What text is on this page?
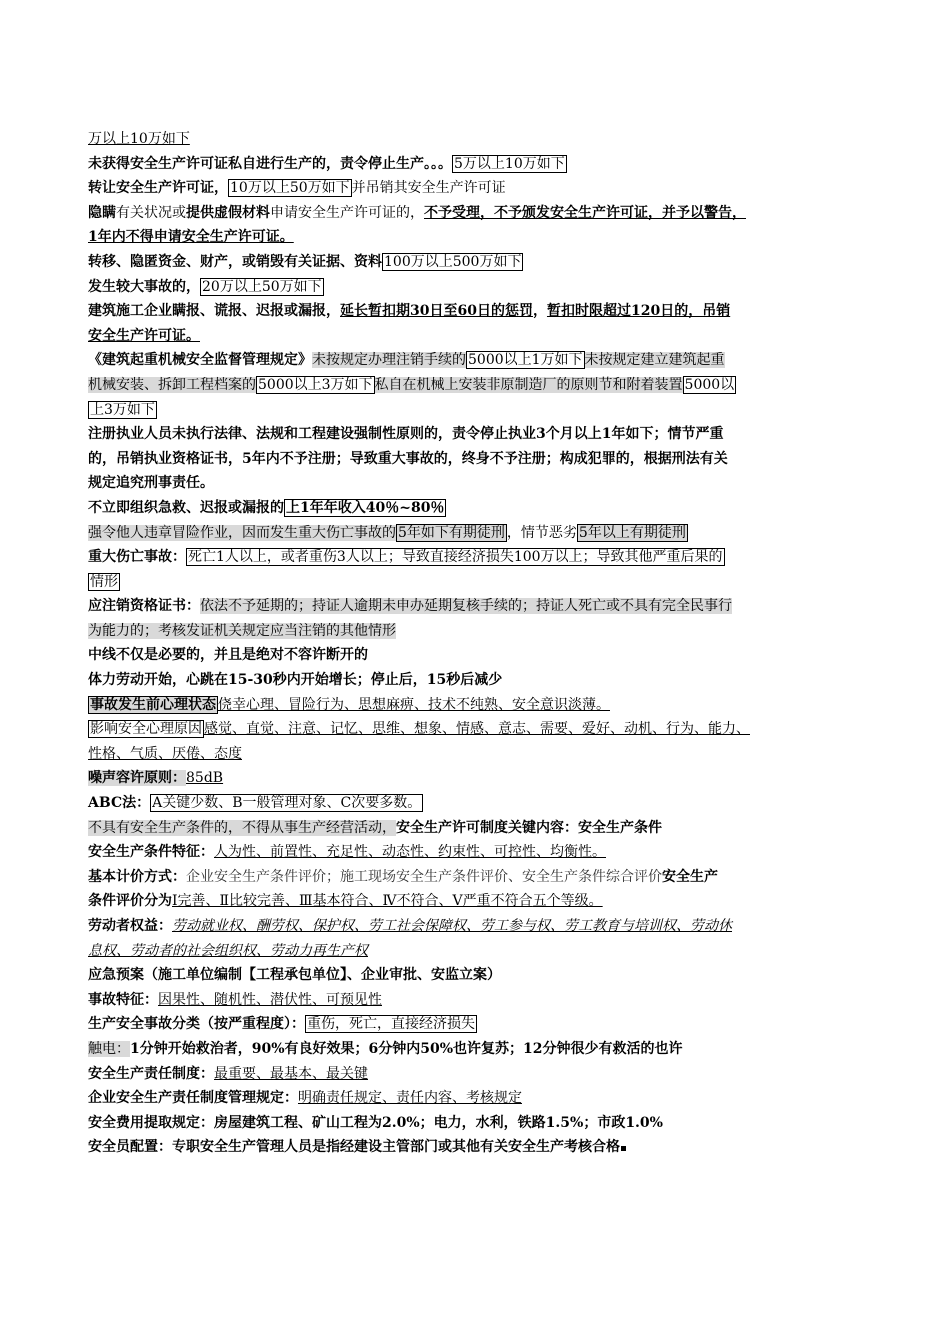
万以上10万如下
未获得安全生产许可证私自进行生产的，责令停止生产。。。 5万以上10万如下
转让安全生产许可证， 10万以上50万如下 并吊销其安全生产许可证
隐瞒有关状况或提供虚假材料申请安全生产许可证的，不予受理，不予颁发安全生产许可证，并予以警告，
1年内不得申请安全生产许可证。
转移、隐匿资金、财产，或销毁有关证据、资料 100万以上500万如下
发生较大事故的， 20万以上50万如下
建筑施工企业瞒报、谎报、迟报或漏报，延长暂扣期30日至60日的惩罚，暂扣时限超过120日的，吊销
安全生产许可证。
《建筑起重机械安全监督管理规定》未按规定办理注销手续的 5000以上1万如下 未按规定建立建筑起重
机械安装、拆卸工程档案的 5000以上3万如下 私自在机械上安装非原制造厂的原则节和附着装置 5000以
上3万如下
注册执业人员未执行法律、法规和工程建设强制性原则的，责令停止执业3个月以上1年如下；情节严重
的，吊销执业资格证书，5年内不予注册；导致重大事故的，终身不予注册；构成犯罪的，根据刑法有关
规定追究刑事责任。
不立即组织急救、迟报或漏报的 上1年年收入40％~80％
强令他人违章冒险作业，因而发生重大伤亡事故的 5年如下有期徒刑 ，情节恶劣 5年以上有期徒刑
重大伤亡事故： 死亡1人以上，或者重伤3人以上；导致直接经济损失100万以上；导致其他严重后果的
情形
应注销资格证书：依法不予延期的；持证人逾期未申办延期复核手续的；持证人死亡或不具有完全民事行
为能力的；考核发证机关规定应当注销的其他情形
中线不仅是必要的，并且是绝对不容许断开的
体力劳动开始，心跳在15-30秒内开始增长；停止后，15秒后减少
事故发生前心理状态 侥幸心理、冒险行为、思想麻痹、技术不纯熟、安全意识淡薄。
影响安全心理原因 感觉、直觉、注意、记忆、思维、想象、情感、意志、需要、爱好、动机、行为、能力、
性格、气质、厌倦、态度
噪声容许原则：85dB
ABC法： A关键少数、B一般管理对象、C次要多数。
不具有安全生产条件的，不得从事生产经营活动，安全生产许可制度关键内容：安全生产条件
安全生产条件特征：人为性、前置性、充足性、动态性、约束性、可控性、均衡性。
基本计价方式：企业安全生产条件评价；施工现场安全生产条件评价、安全生产条件综合评价安全生产
条件评价分为Ⅰ完善、Ⅱ比较完善、Ⅲ基本符合、Ⅳ不符合、Ⅴ严重不符合五个等级。
劳动者权益：劳动就业权、酬劳权、保护权、劳工社会保障权、劳工参与权、劳工教育与培训权、劳动休
息权、劳动者的社会组织权、劳动力再生产权
应急预案（施工单位编制【工程承包单位】、企业审批、安监立案）
事故特征：因果性、随机性、潜伏性、可预见性
生产安全事故分类（按严重程度）： 重伤，死亡，直接经济损失
触电：1分钟开始救治者，90%有良好效果；6分钟内50%也许复苏；12分钟很少有救活的也许
安全生产责任制度：最重要、最基本、最关键
企业安全生产责任制度管理规定：明确责任规定、责任内容、考核规定
安全费用提取规定：房屋建筑工程、矿山工程为2.0%；电力，水利，铁路1.5%；市政1.0%
安全员配置：专职安全生产管理人员是指经建设主管部门或其他有关安全生产考核合格
